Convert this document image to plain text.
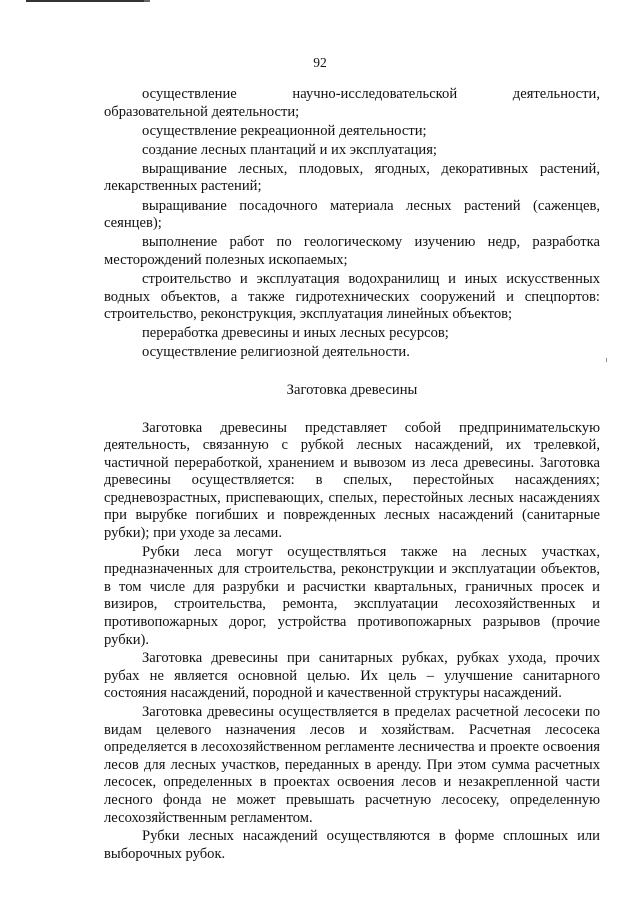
92

осуществление научно-исследовательской деятельности, образовательной деятельности;

осуществление рекреационной деятельности;

создание лесных плантаций и их эксплуатация;

выращивание лесных, плодовых, ягодных, декоративных растений, лекарственных растений;

выращивание посадочного материала лесных растений (саженцев, сеянцев);

выполнение работ по геологическому изучению недр, разработка месторождений полезных ископаемых;

строительство и эксплуатация водохранилищ и иных искусственных водных объектов, а также гидротехнических сооружений и спецпортов: строительство, реконструкция, эксплуатация линейных объектов;

переработка древесины и иных лесных ресурсов;

осуществление религиозной деятельности.

Заготовка древесины

Заготовка древесины представляет собой предпринимательскую деятельность, связанную с рубкой лесных насаждений, их трелевкой, частичной переработкой, хранением и вывозом из леса древесины. Заготовка древесины осуществляется: в спелых, перестойных насаждениях; средневозрастных, приспевающих, спелых, перестойных лесных насаждениях при вырубке погибших и поврежденных лесных насаждений (санитарные рубки); при уходе за лесами.

Рубки леса могут осуществляться также на лесных участках, предназначенных для строительства, реконструкции и эксплуатации объектов, в том числе для разрубки и расчистки квартальных, граничных просек и визиров, строительства, ремонта, эксплуатации лесохозяйственных и противопожарных дорог, устройства противопожарных разрывов (прочие рубки).

Заготовка древесины при санитарных рубках, рубках ухода, прочих рубах не является основной целью. Их цель – улучшение санитарного состояния насаждений, породной и качественной структуры насаждений.

Заготовка древесины осуществляется в пределах расчетной лесосеки по видам целевого назначения лесов и хозяйствам. Расчетная лесосека определяется в лесохозяйственном регламенте лесничества и проекте освоения лесов для лесных участков, переданных в аренду. При этом сумма расчетных лесосек, определенных в проектах освоения лесов и незакрепленной части лесного фонда не может превышать расчетную лесосеку, определенную лесохозяйственным регламентом.

Рубки лесных насаждений осуществляются в форме сплошных или выборочных рубок.
